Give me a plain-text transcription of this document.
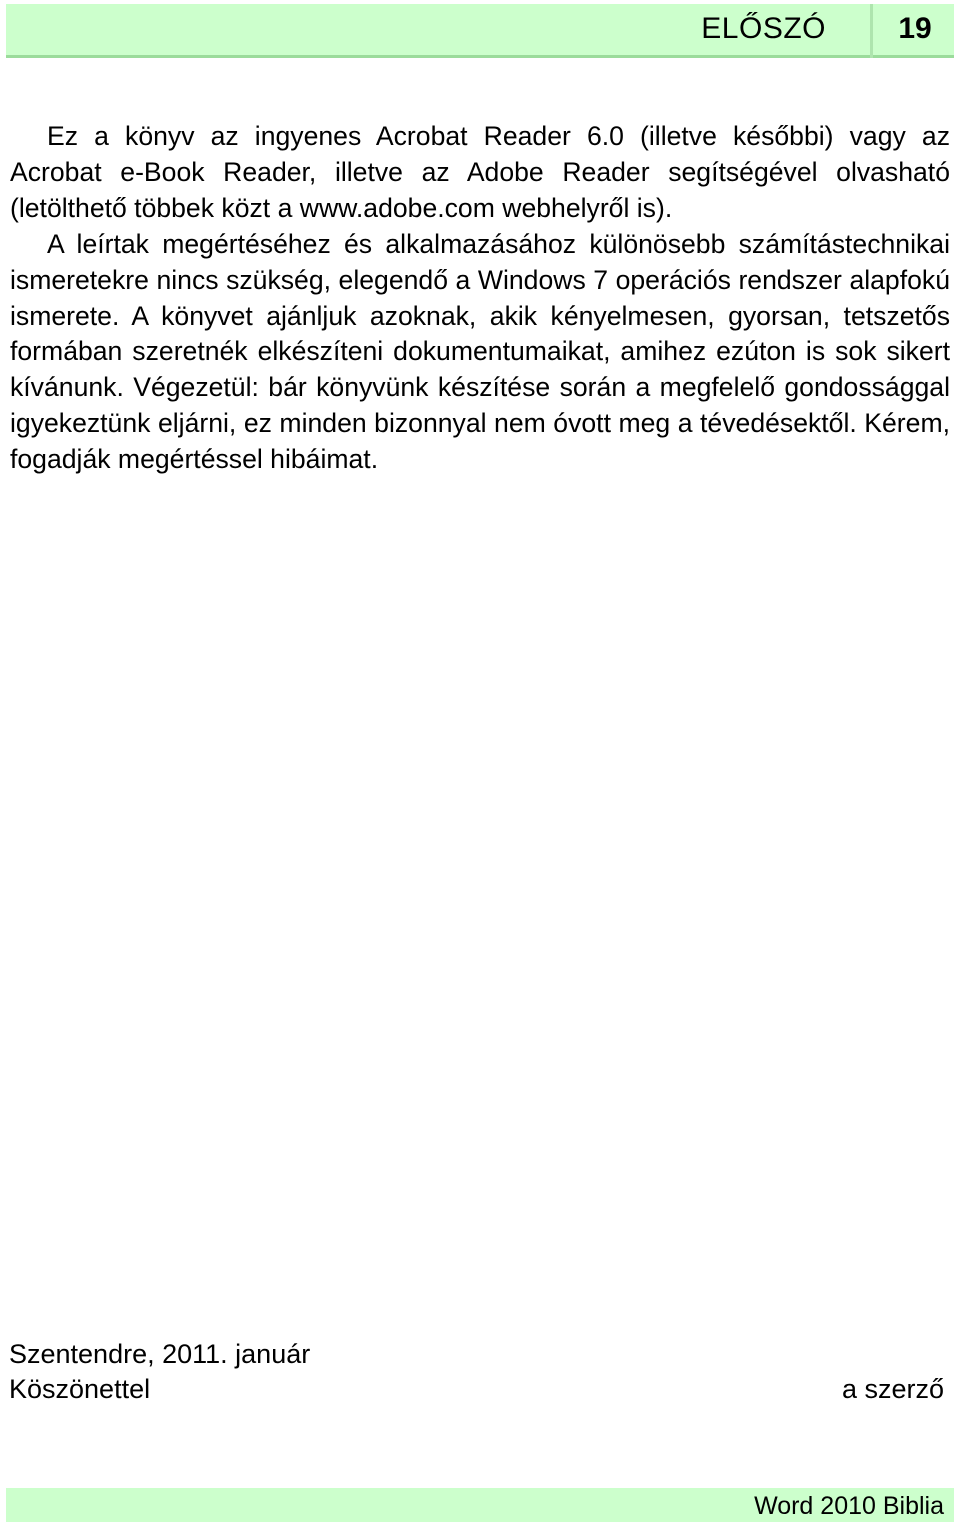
ELŐSZÓ	19

Ez a könyv az ingyenes Acrobat Reader 6.0 (illetve későbbi) vagy az Acrobat e-Book Reader, illetve az Adobe Reader segítségével olvasható (letölthető többek közt a www.adobe.com webhelyről is).

A leírtak megértéséhez és alkalmazásához különösebb számítástechnikai ismeretekre nincs szükség, elegendő a Windows 7 operációs rendszer alapfokú ismerete. A könyvet ajánljuk azoknak, akik kényelmesen, gyorsan, tetszetős formában szeretnék elkészíteni dokumentumaikat, amihez ezúton is sok sikert kívánunk. Végezetül: bár könyvünk készítése során a megfelelő gondossággal igyekeztünk eljárni, ez minden bizonnyal nem óvott meg a tévedésektől. Kérem, fogadják megértéssel hibáimat.

Szentendre, 2011. január
Köszönettel	a szerző
Word 2010 Biblia
